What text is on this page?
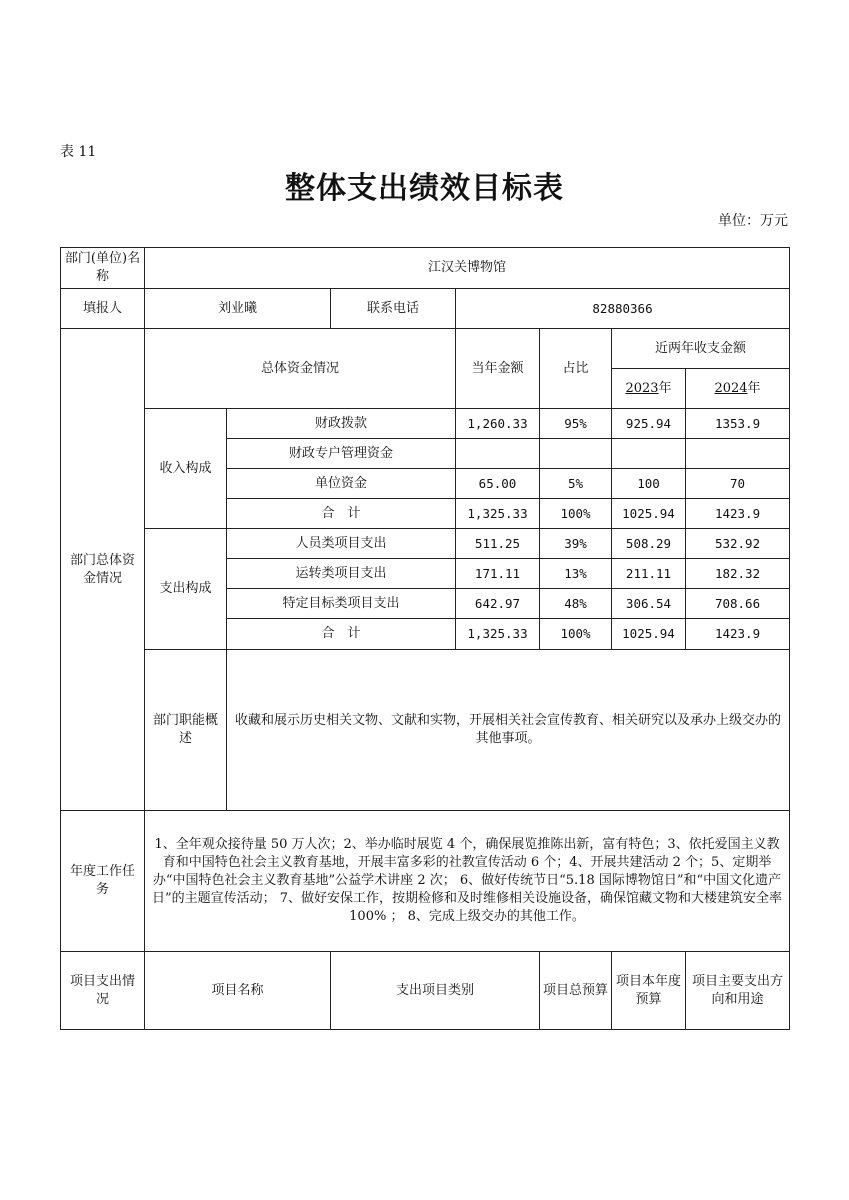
表 11
整体支出绩效目标表
单位：万元
部门(单位)名称	江汉关博物馆						
填报人	刘业曦		联系电话	82880366			
部门总体资金情况	总体资金情况			当年金额	占比	近两年收支金额	
						2023年	2024年
	收入构成	财政拨款		1,260.33	95%	925.94	1353.9
		财政专户管理资金					
		单位资金		65.00	5%	100	70
		合　计		1,325.33	100%	1025.94	1423.9
	支出构成	人员类项目支出		511.25	39%	508.29	532.92
		运转类项目支出		171.11	13%	211.11	182.32
		特定目标类项目支出		642.97	48%	306.54	708.66
		合　计		1,325.33	100%	1025.94	1423.9
	部门职能概述	收藏和展示历史相关文物、文献和实物，开展相关社会宣传教育、相关研究以及承办上级交办的其他事项。					
年度工作任务	1、全年观众接待量 50 万人次；2、举办临时展览 4 个，确保展览推陈出新，富有特色；3、依托爱国主义教育和中国特色社会主义教育基地，开展丰富多彩的社教宣传活动 6 个；4、开展共建活动 2 个；5、定期举办“中国特色社会主义教育基地”公益学术讲座 2 次； 6、做好传统节日“5.18 国际博物馆日”和“中国文化遗产日”的主题宣传活动； 7、做好安保工作，按期检修和及时维修相关设施设备，确保馆藏文物和大楼建筑安全率 100% ； 8、完成上级交办的其他工作。						
项目支出情况	项目名称		支出项目类别		项目总预算	项目本年度预算	项目主要支出方向和用途
